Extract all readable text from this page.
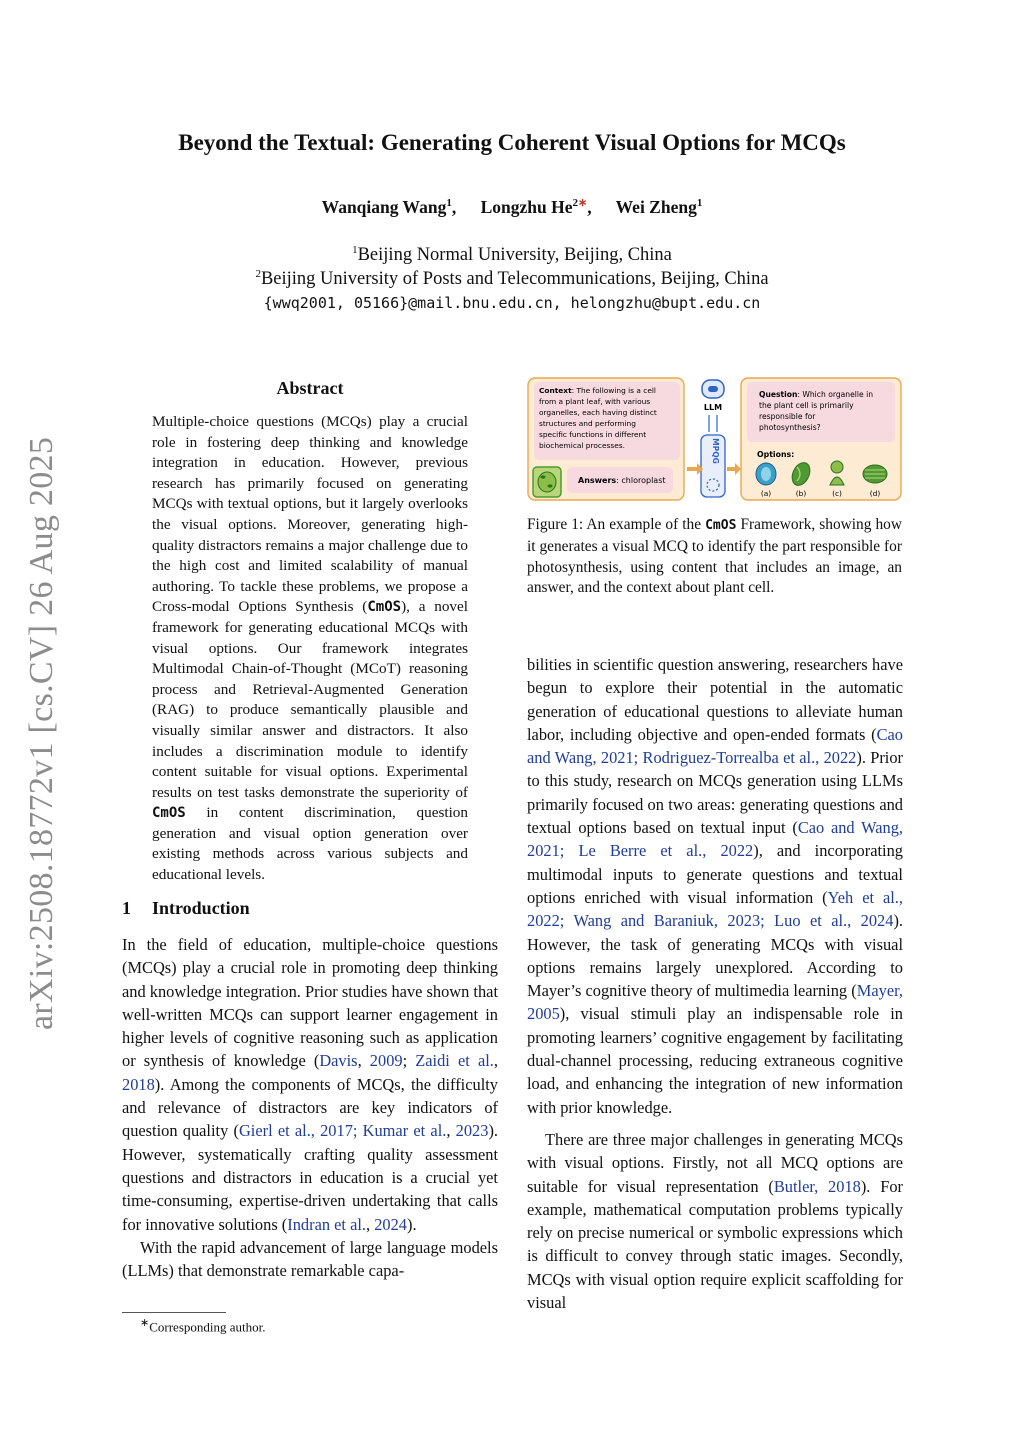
Beyond the Textual: Generating Coherent Visual Options for MCQs
Wanqiang Wang$^1$, Longzhu $He^{2∗}$, Wei Zheng$^1$
$^1$Beijing Normal University, Beijing, China
$^2$Beijing University of Posts and Telecommunications, Beijing, China
{wwq2001, 05166}@mail.bnu.edu.cn, helongzhu@bupt.edu.cn
arXiv:2508.18772v1 [cs.CV] 26 Aug 2025
Abstract
Multiple-choice questions (MCQs) play a crucial role in fostering deep thinking and knowledge integration in education. However, previous research has primarily focused on generating MCQs with textual options, but it largely overlooks the visual options. Moreover, generating high-quality distractors remains a major challenge due to the high cost and limited scalability of manual authoring. To tackle these problems, we propose a Cross-modal Options Synthesis (CmOS), a novel framework for generating educational MCQs with visual options. Our framework integrates Multimodal Chain-of-Thought (MCoT) reasoning process and Retrieval-Augmented Generation (RAG) to produce semantically plausible and visually similar answer and distractors. It also includes a discrimination module to identify content suitable for visual options. Experimental results on test tasks demonstrate the superiority of CmOS in content discrimination, question generation and visual option generation over existing methods across various subjects and educational levels.
1 Introduction

In the field of education, multiple-choice questions (MCQs) play a crucial role in promoting deep thinking and knowledge integration. Prior studies have shown that well-written MCQs can support learner engagement in higher levels of cognitive reasoning such as application or synthesis of knowledge (Davis, 2009; Zaidi et al., 2018). Among the components of MCQs, the difficulty and relevance of distractors are key indicators of question quality (Gierl et al., 2017; Kumar et al., 2023). However, systematically crafting quality assessment questions and distractors in education is a crucial yet time-consuming, expertise-driven undertaking that calls for innovative solutions (Indran et al., 2024).

With the rapid advancement of large language models (LLMs) that demonstrate remarkable capa-

∗Corresponding author.
Context: The following is a cell
from a plant leaf, with various
organelles, each having distinct
structures and performing
specific functions in different
biochemical processes.
Answers: chloroplast
LLM
MPQG
Question: Which organelle in
the plant cell is primarily
responsible for
photosynthesis?
Options:
(a)	(b)	(c)	(d)
Figure 1: An example of the CmOS Framework, showing how it generates a visual MCQ to identify the part responsible for photosynthesis, using content that includes an image, an answer, and the context about plant cell.

bilities in scientific question answering, researchers have begun to explore their potential in the automatic generation of educational questions to alleviate human labor, including objective and open-ended formats (Cao and Wang, 2021; Rodriguez-Torrealba et al., 2022). Prior to this study, research on MCQs generation using LLMs primarily focused on two areas: generating questions and textual options based on textual input (Cao and Wang, 2021; Le Berre et al., 2022), and incorporating multimodal inputs to generate questions and textual options enriched with visual information (Yeh et al., 2022; Wang and Baraniuk, 2023; Luo et al., 2024). However, the task of generating MCQs with visual options remains largely unexplored. According to Mayer’s cognitive theory of multimedia learning (Mayer, 2005), visual stimuli play an indispensable role in promoting learners’ cognitive engagement by facilitating dual-channel processing, reducing extraneous cognitive load, and enhancing the integration of new information with prior knowledge.

There are three major challenges in generating MCQs with visual options. Firstly, not all MCQ options are suitable for visual representation (Butler, 2018). For example, mathematical computation problems typically rely on precise numerical or symbolic expressions which is difficult to convey through static images. Secondly, MCQs with visual option require explicit scaffolding for visual
